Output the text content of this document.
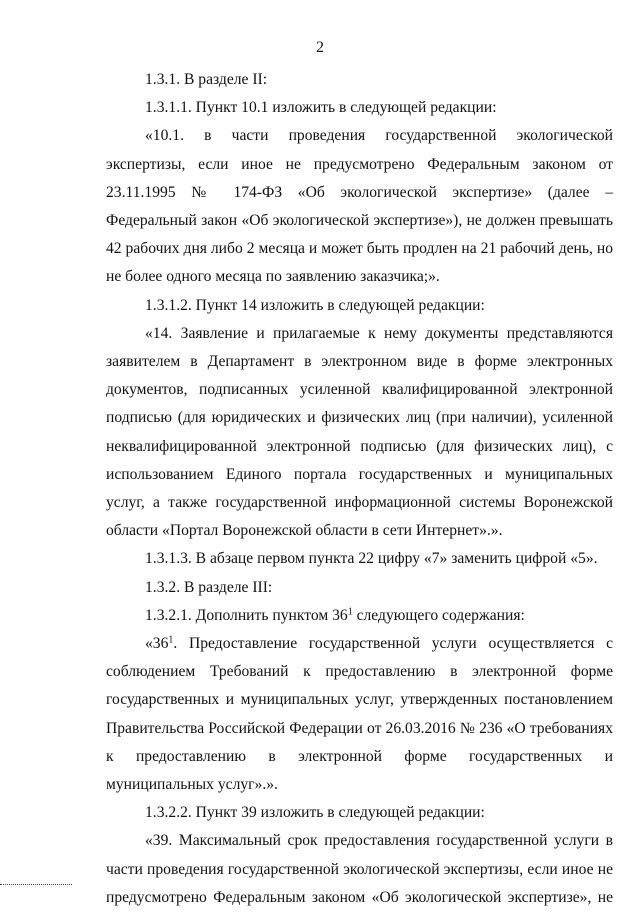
2

1.3.1. В разделе II:

1.3.1.1. Пункт 10.1 изложить в следующей редакции:

«10.1. в части проведения государственной экологической экспертизы, если иное не предусмотрено Федеральным законом от 23.11.1995 № 174-ФЗ «Об экологической экспертизе» (далее – Федеральный закон «Об экологической экспертизе»), не должен превышать 42 рабочих дня либо 2 месяца и может быть продлен на 21 рабочий день, но не более одного месяца по заявлению заказчика;».

1.3.1.2. Пункт 14 изложить в следующей редакции:

«14. Заявление и прилагаемые к нему документы представляются заявителем в Департамент в электронном виде в форме электронных документов, подписанных усиленной квалифицированной электронной подписью (для юридических и физических лиц (при наличии), усиленной неквалифицированной электронной подписью (для физических лиц), с использованием Единого портала государственных и муниципальных услуг, а также государственной информационной системы Воронежской области «Портал Воронежской области в сети Интернет».».

1.3.1.3. В абзаце первом пункта 22 цифру «7» заменить цифрой «5».

1.3.2. В разделе III:

1.3.2.1. Дополнить пунктом $36^1$ следующего содержания:

«$36^1$. Предоставление государственной услуги осуществляется с соблюдением Требований к предоставлению в электронной форме государственных и муниципальных услуг, утвержденных постановлением Правительства Российской Федерации от 26.03.2016 № 236 «О требованиях к предоставлению в электронной форме государственных и муниципальных услуг».».

1.3.2.2. Пункт 39 изложить в следующей редакции:

«39. Максимальный срок предоставления государственной услуги в части проведения государственной экологической экспертизы, если иное не предусмотрено Федеральным законом «Об экологической экспертизе», не
